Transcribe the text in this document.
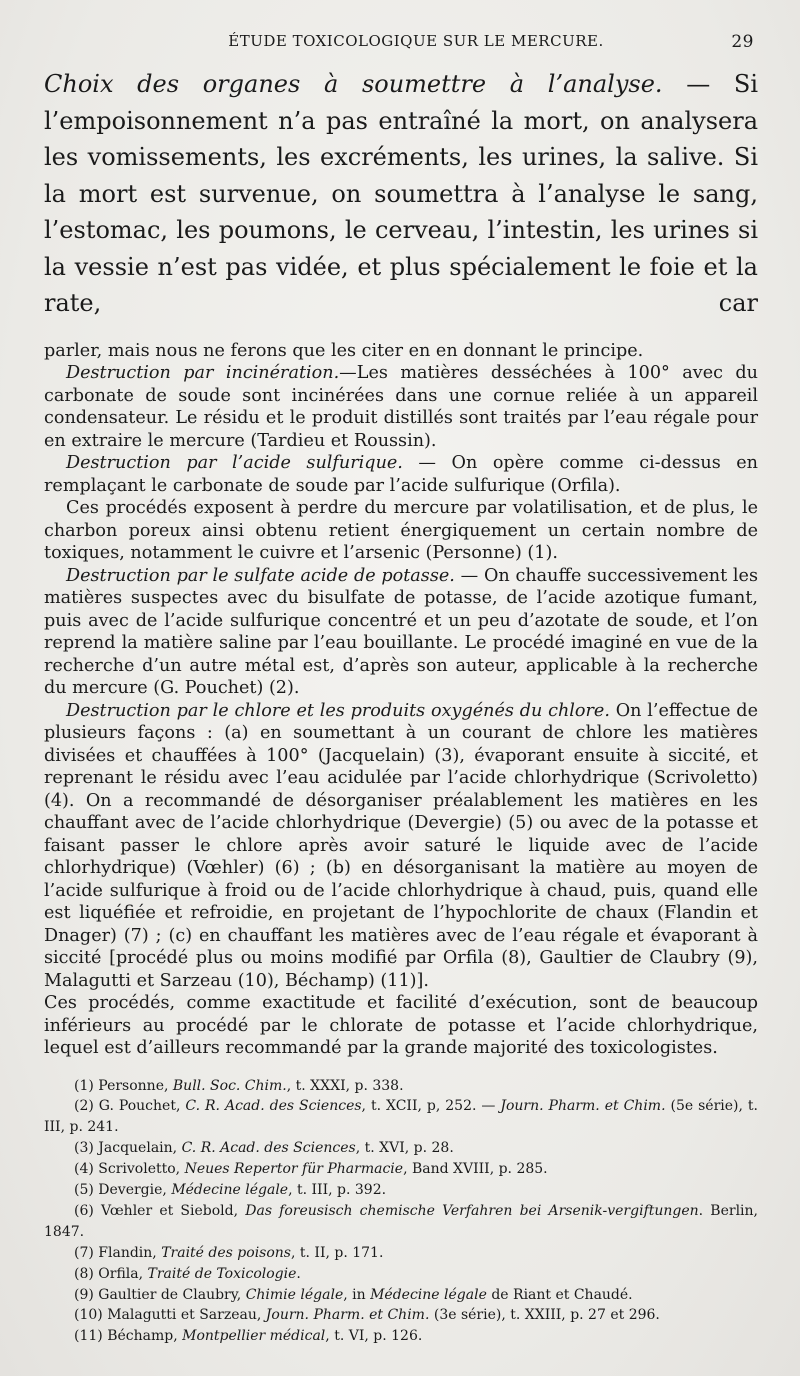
ÉTUDE TOXICOLOGIQUE SUR LE MERCURE.	29

Choix des organes à soumettre à l’analyse. — Si l’empoisonnement n’a pas entraîné la mort, on analysera les vomissements, les excréments, les urines, la salive. Si la mort est survenue, on soumettra à l’analyse le sang, l’estomac, les poumons, le cerveau, l’intestin, les urines si la vessie n’est pas vidée, et plus spécialement le foie et la rate, car

parler, mais nous ne ferons que les citer en en donnant le principe.

Destruction par incinération.—Les matières desséchées à 100° avec du carbonate de soude sont incinérées dans une cornue reliée à un appareil condensateur. Le résidu et le produit distillés sont traités par l’eau régale pour en extraire le mercure (Tardieu et Roussin).

Destruction par l’acide sulfurique. — On opère comme ci-dessus en remplaçant le carbonate de soude par l’acide sulfurique (Orfila).

Ces procédés exposent à perdre du mercure par volatilisation, et de plus, le charbon poreux ainsi obtenu retient énergiquement un certain nombre de toxiques, notamment le cuivre et l’arsenic (Personne) (1).

Destruction par le sulfate acide de potasse. — On chauffe successivement les matières suspectes avec du bisulfate de potasse, de l’acide azotique fumant, puis avec de l’acide sulfurique concentré et un peu d’azotate de soude, et l’on reprend la matière saline par l’eau bouillante. Le procédé imaginé en vue de la recherche d’un autre métal est, d’après son auteur, applicable à la recherche du mercure (G. Pouchet) (2).

Destruction par le chlore et les produits oxygénés du chlore. On l’effectue de plusieurs façons : (a) en soumettant à un courant de chlore les matières divisées et chauffées à 100° (Jacquelain) (3), évaporant ensuite à siccité, et reprenant le résidu avec l’eau acidulée par l’acide chlorhydrique (Scrivoletto) (4). On a recommandé de désorganiser préalablement les matières en les chauffant avec de l’acide chlorhydrique (Devergie) (5) ou avec de la potasse et faisant passer le chlore après avoir saturé le liquide avec de l’acide chlorhydrique) (Vœhler) (6) ; (b) en désorganisant la matière au moyen de l’acide sulfurique à froid ou de l’acide chlorhydrique à chaud, puis, quand elle est liquéfiée et refroidie, en projetant de l’hypochlorite de chaux (Flandin et Dnager) (7) ; (c) en chauffant les matières avec de l’eau régale et évaporant à siccité [procédé plus ou moins modifié par Orfila (8), Gaultier de Claubry (9), Malagutti et Sarzeau (10), Béchamp) (11)].

Ces procédés, comme exactitude et facilité d’exécution, sont de beaucoup inférieurs au procédé par le chlorate de potasse et l’acide chlorhydrique, lequel est d’ailleurs recommandé par la grande majorité des toxicologistes.

(1) Personne, Bull. Soc. Chim., t. XXXI, p. 338.

(2) G. Pouchet, C. R. Acad. des Sciences, t. XCII, p, 252. — Journ. Pharm. et Chim. (5e série), t. III, p. 241.

(3) Jacquelain, C. R. Acad. des Sciences, t. XVI, p. 28.

(4) Scrivoletto, Neues Repertor für Pharmacie, Band XVIII, p. 285.

(5) Devergie, Médecine légale, t. III, p. 392.

(6) Vœhler et Siebold, Das foreusisch chemische Verfahren bei Arsenik-vergiftungen. Berlin, 1847.

(7) Flandin, Traité des poisons, t. II, p. 171.

(8) Orfila, Traité de Toxicologie.

(9) Gaultier de Claubry, Chimie légale, in Médecine légale de Riant et Chaudé.

(10) Malagutti et Sarzeau, Journ. Pharm. et Chim. (3e série), t. XXIII, p. 27 et 296.

(11) Béchamp, Montpellier médical, t. VI, p. 126.
